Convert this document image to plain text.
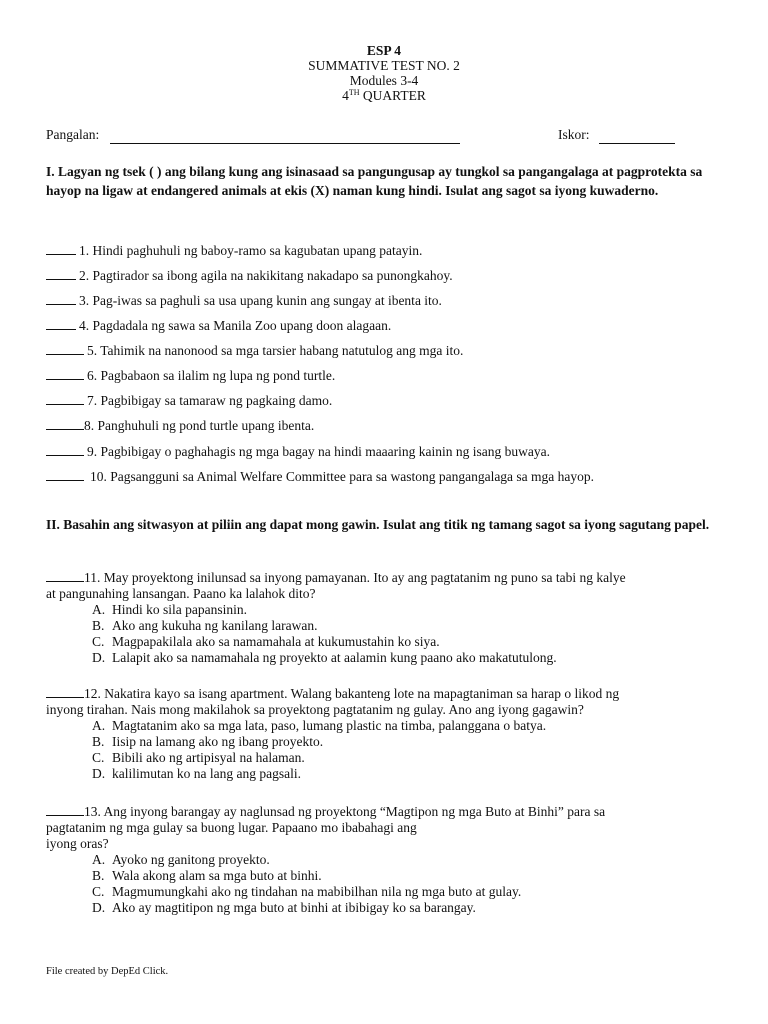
ESP 4
SUMMATIVE TEST NO. 2
Modules 3-4
4TH QUARTER
Pangalan:	Iskor:
I. Lagyan ng tsek ( ) ang bilang kung ang isinasaad sa pangungusap ay tungkol sa pangangalaga at pagprotekta sa hayop na ligaw at endangered animals at ekis (X) naman kung hindi. Isulat ang sagot sa iyong kuwaderno.
1. Hindi paghuhuli ng baboy-ramo sa kagubatan upang patayin.
2. Pagtirador sa ibong agila na nakikitang nakadapo sa punongkahoy.
3. Pag-iwas sa paghuli sa usa upang kunin ang sungay at ibenta ito.
4. Pagdadala ng sawa sa Manila Zoo upang doon alagaan.
5. Tahimik na nanonood sa mga tarsier habang natutulog ang mga ito.
6. Pagbabaon sa ilalim ng lupa ng pond turtle.
7. Pagbibigay sa tamaraw ng pagkaing damo.
8. Panghuhuli ng pond turtle upang ibenta.
9. Pagbibigay o paghahagis ng mga bagay na hindi maaaring kainin ng isang buwaya.
10. Pagsangguni sa Animal Welfare Committee para sa wastong pangangalaga sa mga hayop.
II. Basahin ang sitwasyon at piliin ang dapat mong gawin. Isulat ang titik ng tamang sagot sa iyong sagutang papel.
11. May proyektong inilunsad sa inyong pamayanan. Ito ay ang pagtatanim ng puno sa tabi ng kalye
at pangunahing lansangan. Paano ka lalahok dito?
A. Hindi ko sila papansinin.
B. Ako ang kukuha ng kanilang larawan.
C. Magpapakilala ako sa namamahala at kukumustahin ko siya.
D. Lalapit ako sa namamahala ng proyekto at aalamin kung paano ako makatutulong.
12. Nakatira kayo sa isang apartment. Walang bakanteng lote na mapagtaniman sa harap o likod ng
inyong tirahan. Nais mong makilahok sa proyektong pagtatanim ng gulay. Ano ang iyong gagawin?
A. Magtatanim ako sa mga lata, paso, lumang plastic na timba, palanggana o batya.
B. Iisip na lamang ako ng ibang proyekto.
C. Bibili ako ng artipisyal na halaman.
D. kalilimutan ko na lang ang pagsali.
13. Ang inyong barangay ay naglunsad ng proyektong “Magtipon ng mga Buto at Binhi” para sa
pagtatanim ng mga gulay sa buong lugar. Papaano mo ibabahagi ang
iyong oras?
A. Ayoko ng ganitong proyekto.
B. Wala akong alam sa mga buto at binhi.
C. Magmumungkahi ako ng tindahan na mabibilhan nila ng mga buto at gulay.
D. Ako ay magtitipon ng mga buto at binhi at ibibigay ko sa barangay.
File created by DepEd Click.
